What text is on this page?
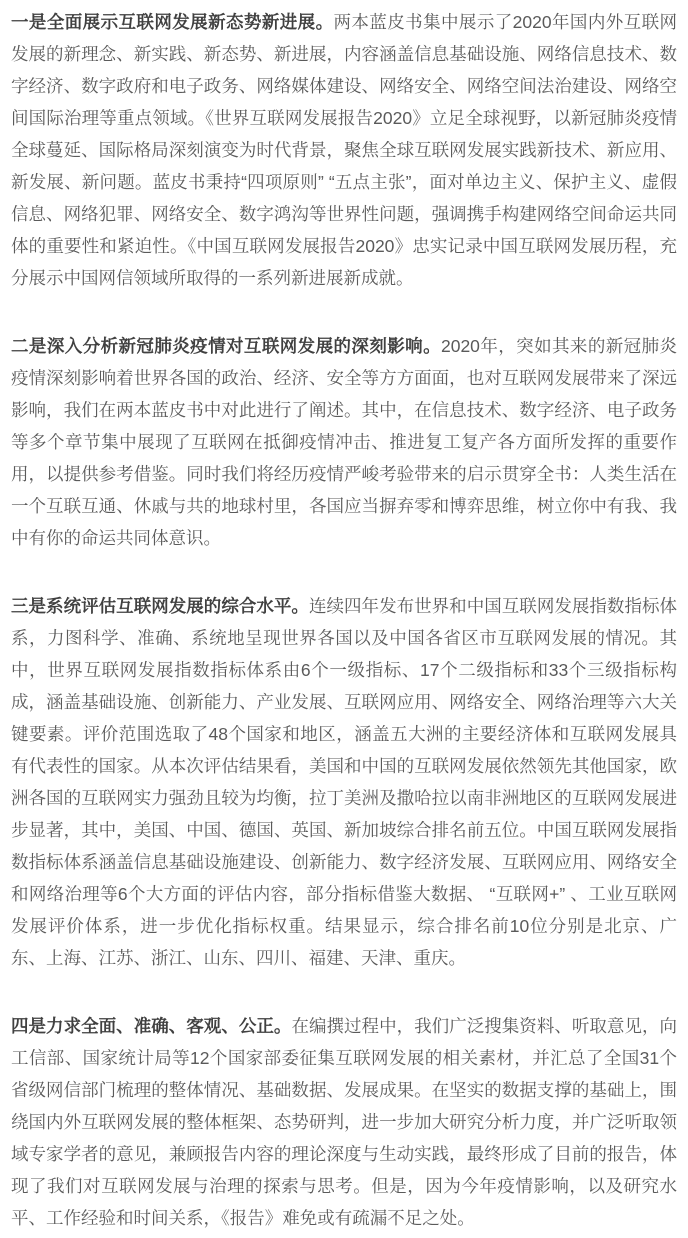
一是全面展示互联网发展新态势新进展。两本蓝皮书集中展示了2020年国内外互联网发展的新理念、新实践、新态势、新进展，内容涵盖信息基础设施、网络信息技术、数字经济、数字政府和电子政务、网络媒体建设、网络安全、网络空间法治建设、网络空间国际治理等重点领域。《世界互联网发展报告2020》立足全球视野，以新冠肺炎疫情全球蔓延、国际格局深刻演变为时代背景，聚焦全球互联网发展实践新技术、新应用、新发展、新问题。蓝皮书秉持“四项原则” “五点主张”，面对单边主义、保护主义、虚假信息、网络犯罪、网络安全、数字鸿沟等世界性问题，强调携手构建网络空间命运共同体的重要性和紧迫性。《中国互联网发展报告2020》忠实记录中国互联网发展历程，充分展示中国网信领域所取得的一系列新进展新成就。

二是深入分析新冠肺炎疫情对互联网发展的深刻影响。2020年，突如其来的新冠肺炎疫情深刻影响着世界各国的政治、经济、安全等方方面面，也对互联网发展带来了深远影响，我们在两本蓝皮书中对此进行了阐述。其中，在信息技术、数字经济、电子政务等多个章节集中展现了互联网在抵御疫情冲击、推进复工复产各方面所发挥的重要作用，以提供参考借鉴。同时我们将经历疫情严峻考验带来的启示贯穿全书：人类生活在一个互联互通、休戚与共的地球村里，各国应当摒弃零和博弈思维，树立你中有我、我中有你的命运共同体意识。

三是系统评估互联网发展的综合水平。连续四年发布世界和中国互联网发展指数指标体系，力图科学、准确、系统地呈现世界各国以及中国各省区市互联网发展的情况。其中，世界互联网发展指数指标体系由6个一级指标、17个二级指标和33个三级指标构成，涵盖基础设施、创新能力、产业发展、互联网应用、网络安全、网络治理等六大关键要素。评价范围选取了48个国家和地区，涵盖五大洲的主要经济体和互联网发展具有代表性的国家。从本次评估结果看，美国和中国的互联网发展依然领先其他国家，欧洲各国的互联网实力强劲且较为均衡，拉丁美洲及撒哈拉以南非洲地区的互联网发展进步显著，其中，美国、中国、德国、英国、新加坡综合排名前五位。中国互联网发展指数指标体系涵盖信息基础设施建设、创新能力、数字经济发展、互联网应用、网络安全和网络治理等6个大方面的评估内容，部分指标借鉴大数据、 “互联网+” 、工业互联网发展评价体系，进一步优化指标权重。结果显示，综合排名前10位分别是北京、广东、上海、江苏、浙江、山东、四川、福建、天津、重庆。

四是力求全面、准确、客观、公正。在编撰过程中，我们广泛搜集资料、听取意见，向工信部、国家统计局等12个国家部委征集互联网发展的相关素材，并汇总了全国31个省级网信部门梳理的整体情况、基础数据、发展成果。在坚实的数据支撑的基础上，围绕国内外互联网发展的整体框架、态势研判，进一步加大研究分析力度，并广泛听取领域专家学者的意见，兼顾报告内容的理论深度与生动实践，最终形成了目前的报告，体现了我们对互联网发展与治理的探索与思考。但是，因为今年疫情影响，以及研究水平、工作经验和时间关系，《报告》难免或有疏漏不足之处。
